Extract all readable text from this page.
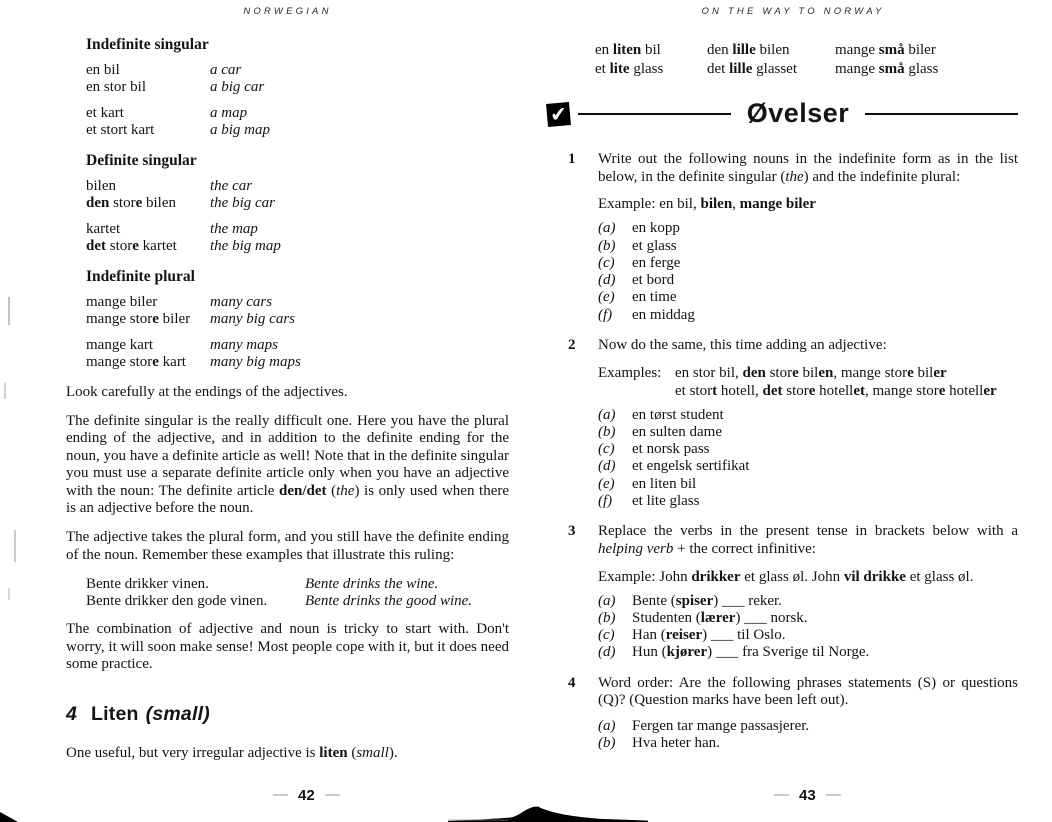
NORWEGIAN
Indefinite singular
en bil	a car
en stor bil	a big car
et kart	a map
et stort kart	a big map
Definite singular
bilen	the car
den store bilen	the big car
kartet	the map
det store kartet	the big map
Indefinite plural
mange biler	many cars
mange store biler	many big cars
mange kart	many maps
mange store kart	many big maps
Look carefully at the endings of the adjectives.
The definite singular is the really difficult one. Here you have the plural ending of the adjective, and in addition to the definite ending for the noun, you have a definite article as well! Note that in the definite singular you must use a separate definite article only when you have an adjective with the noun: The definite article den/det (the) is only used when there is an adjective before the noun.
The adjective takes the plural form, and you still have the definite ending of the noun. Remember these examples that illustrate this ruling:
Bente drikker vinen.	Bente drinks the wine.
Bente drikker den gode vinen.	Bente drinks the good wine.
The combination of adjective and noun is tricky to start with. Don't worry, it will soon make sense! Most people cope with it, but it does need some practice.
4 Liten (small)
One useful, but very irregular adjective is liten (small).
ON THE WAY TO NORWAY
en liten bil	den lille bilen	mange små biler
et lite glass	det lille glasset	mange små glass
✔	Øvelser
1	Write out the following nouns in the indefinite form as in the list below, in the definite singular (the) and the indefinite plural:
Example: en bil, bilen, mange biler
(a)	en kopp
(b)	et glass
(c)	en ferge
(d)	et bord
(e)	en time
(f)	en middag
2	Now do the same, this time adding an adjective:
Examples: en stor bil, den store bilen, mange store biler
et stort hotell, det store hotellet, mange store hoteller
(a)	en tørst student
(b)	en sulten dame
(c)	et norsk pass
(d)	et engelsk sertifikat
(e)	en liten bil
(f)	et lite glass
3	Replace the verbs in the present tense in brackets below with a helping verb + the correct infinitive:
Example: John drikker et glass øl. John vil drikke et glass øl.
(a)	Bente (spiser) ___ reker.
(b)	Studenten (lærer) ___ norsk.
(c)	Han (reiser) ___ til Oslo.
(d)	Hun (kjører) ___ fra Sverige til Norge.
4	Word order: Are the following phrases statements (S) or questions (Q)? (Question marks have been left out).
(a)	Fergen tar mange passasjerer.
(b)	Hva heter han.
— 42 —	— 43 —
